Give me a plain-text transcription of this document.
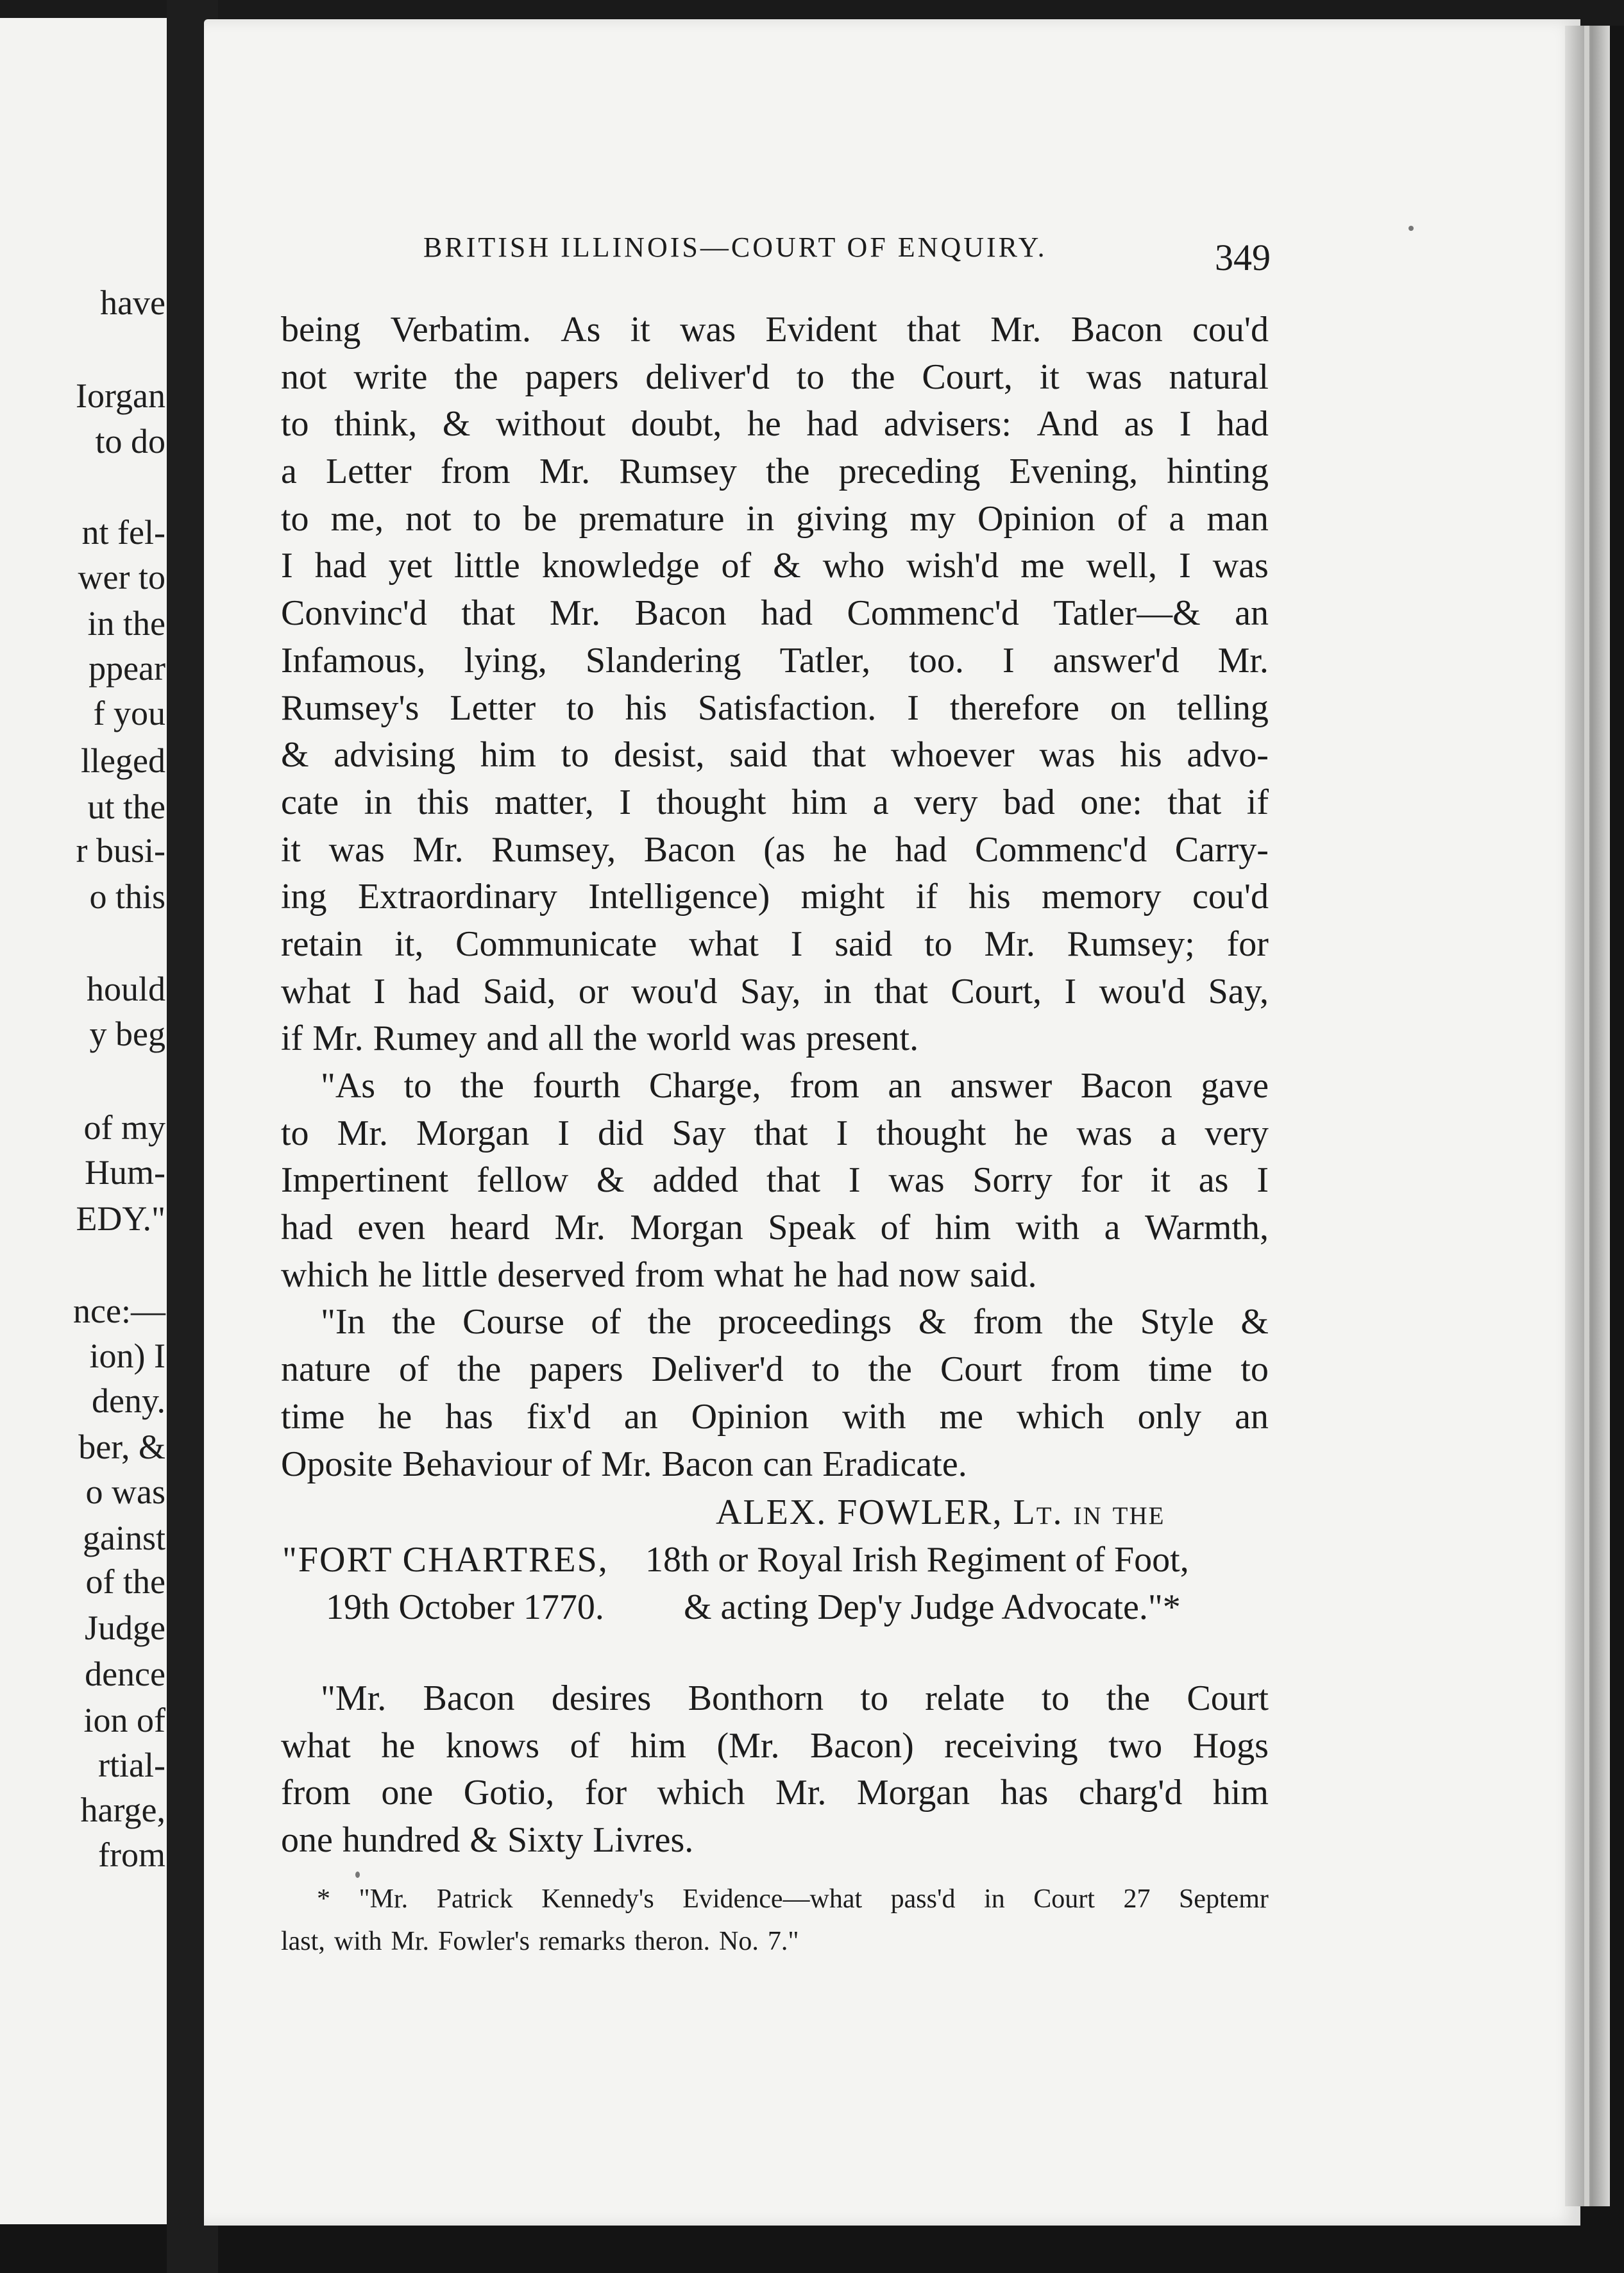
have
Iorgan
to do
nt fel-
wer to
in the
ppear
f you
lleged
ut the
r busi-
o this
hould
y beg
of my
Hum-
EDY."
nce:—
ion) I
deny.
ber, &
o was
gainst
of the
Judge
dence
ion of
rtial-
harge,
from
BRITISH ILLINOIS—COURT OF ENQUIRY.	349
being Verbatim. As it was Evident that Mr. Bacon cou'd
not write the papers deliver'd to the Court, it was natural
to think, & without doubt, he had advisers: And as I had
a Letter from Mr. Rumsey the preceding Evening, hinting
to me, not to be premature in giving my Opinion of a man
I had yet little knowledge of & who wish'd me well, I was
Convinc'd that Mr. Bacon had Commenc'd Tatler—& an
Infamous, lying, Slandering Tatler, too. I answer'd Mr.
Rumsey's Letter to his Satisfaction. I therefore on telling
& advising him to desist, said that whoever was his advo-
cate in this matter, I thought him a very bad one: that if
it was Mr. Rumsey, Bacon (as he had Commenc'd Carry-
ing Extraordinary Intelligence) might if his memory cou'd
retain it, Communicate what I said to Mr. Rumsey; for
what I had Said, or wou'd Say, in that Court, I wou'd Say,
if Mr. Rumey and all the world was present.
"As to the fourth Charge, from an answer Bacon gave
to Mr. Morgan I did Say that I thought he was a very
Impertinent fellow & added that I was Sorry for it as I
had even heard Mr. Morgan Speak of him with a Warmth,
which he little deserved from what he had now said.
"In the Course of the proceedings & from the Style &
nature of the papers Deliver'd to the Court from time to
time he has fix'd an Opinion with me which only an
Oposite Behaviour of Mr. Bacon can Eradicate.
ALEX. FOWLER, Lt. in the
"FORT CHARTRES, 18th or Royal Irish Regiment of Foot,
19th October 1770. & acting Dep'y Judge Advocate."*
"Mr. Bacon desires Bonthorn to relate to the Court
what he knows of him (Mr. Bacon) receiving two Hogs
from one Gotio, for which Mr. Morgan has charg'd him
one hundred & Sixty Livres.
* "Mr. Patrick Kennedy's Evidence—what pass'd in Court 27 Septemr
last, with Mr. Fowler's remarks theron. No. 7."
